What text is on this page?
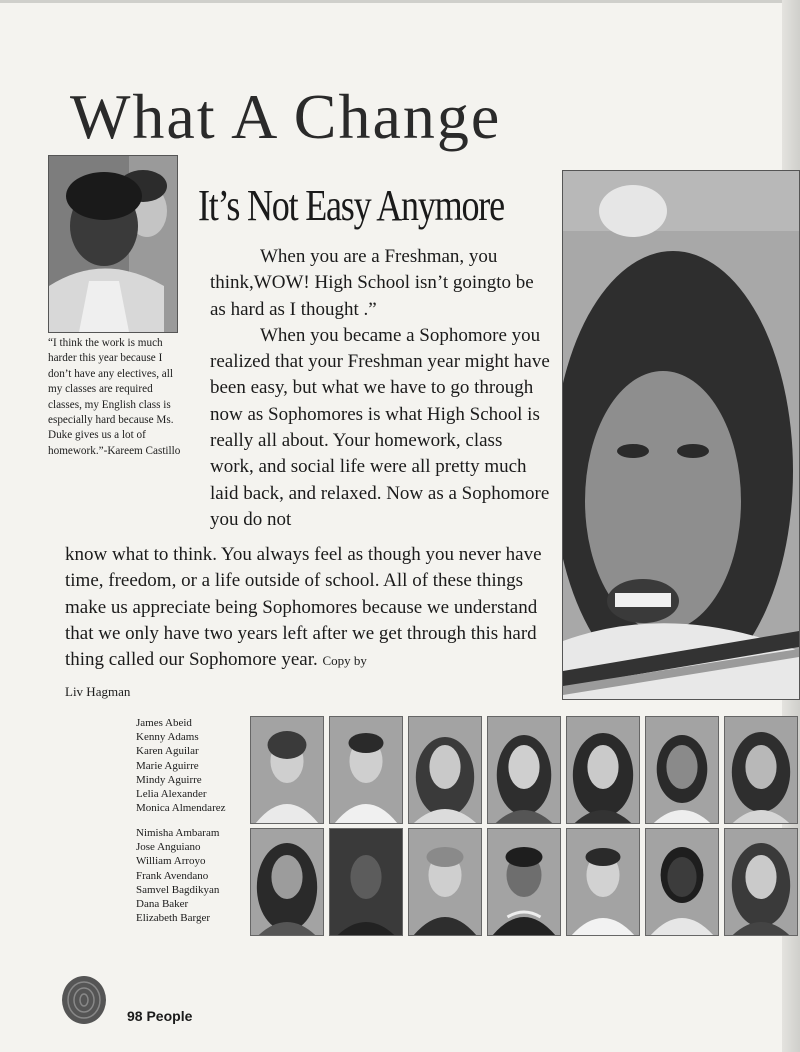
What A Change
It’s Not Easy Anymore
“I think the work is much harder this year because I don’t have any electives, all my classes are required classes, my English class is especially hard because Ms. Duke gives us a lot of homework.”-Kareem Castillo

When you are a Freshman, you think,WOW! High School isn’t goingto be as hard as I thought .”

When you became a Sophomore you realized that your Freshman year might have been easy, but what we have to go through now as Sophomores is what High School is really all about. Your homework, class work, and social life were all pretty much laid back, and relaxed. Now as a Sophomore you do not

know what to think. You always feel as though you never have time, freedom, or a life outside of school. All of these things make us appreciate being Sophomores because we understand that we only have two years left after we get through this hard thing called our Sophomore year. Copy by
Liv Hagman
James Abeid
Kenny Adams
Karen Aguilar
Marie Aguirre
Mindy Aguirre
Lelia Alexander
Monica Almendarez
Nimisha Ambaram
Jose Anguiano
William Arroyo
Frank Avendano
Samvel Bagdikyan
Dana Baker
Elizabeth Barger
98 People
